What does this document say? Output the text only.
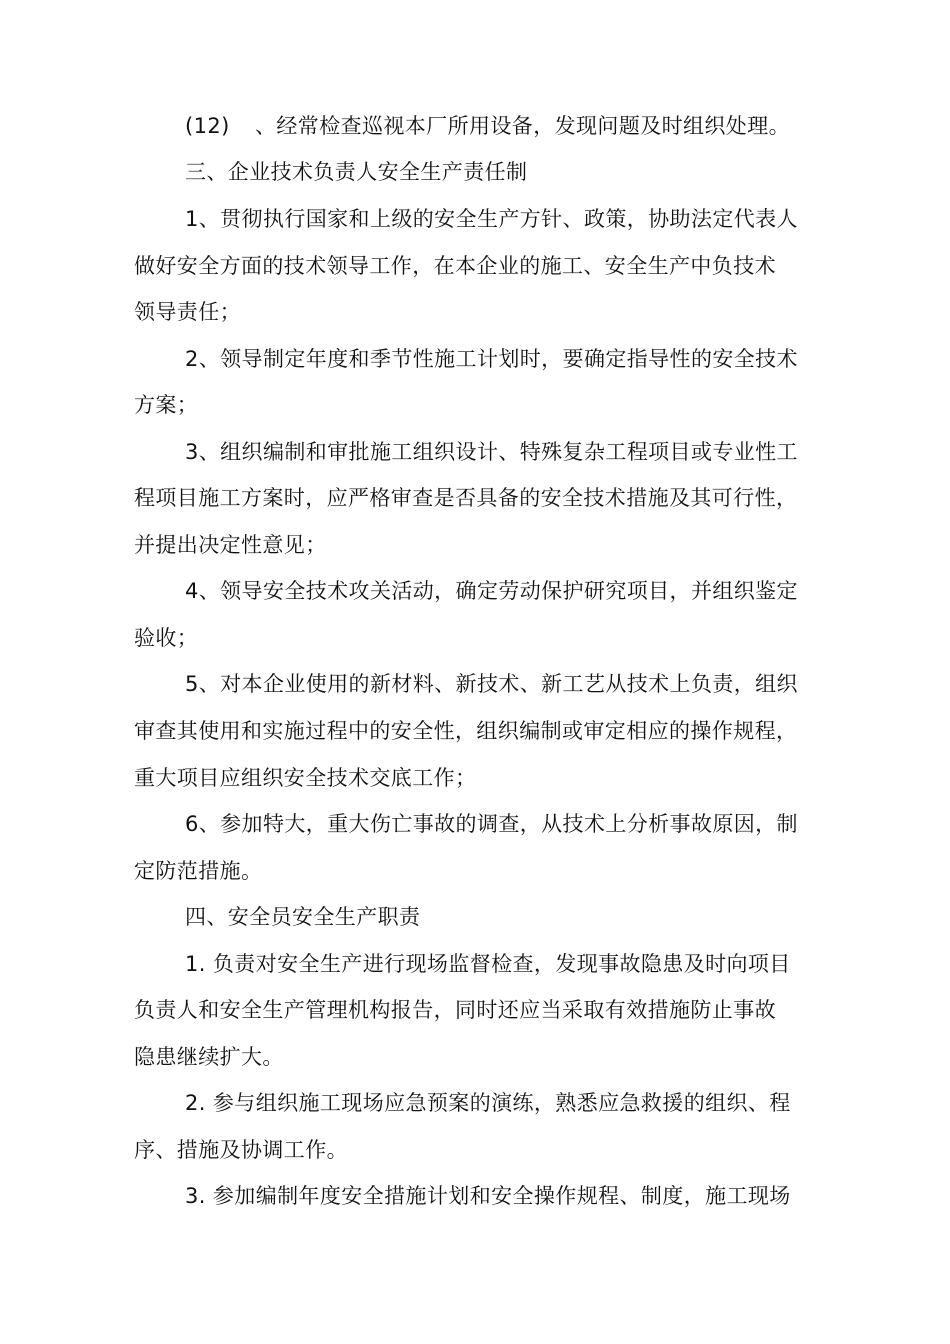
(12) 、经常检查巡视本厂所用设备，发现问题及时组织处理。
三、企业技术负责人安全生产责任制
1、贯彻执行国家和上级的安全生产方针、政策，协助法定代表人
做好安全方面的技术领导工作，在本企业的施工、安全生产中负技术
领导责任；
2、领导制定年度和季节性施工计划时，要确定指导性的安全技术
方案；
3、组织编制和审批施工组织设计、特殊复杂工程项目或专业性工
程项目施工方案时，应严格审查是否具备的安全技术措施及其可行性，
并提出决定性意见；
4、领导安全技术攻关活动，确定劳动保护研究项目，并组织鉴定
验收；
5、对本企业使用的新材料、新技术、新工艺从技术上负责，组织
审查其使用和实施过程中的安全性，组织编制或审定相应的操作规程，
重大项目应组织安全技术交底工作；
6、参加特大，重大伤亡事故的调查，从技术上分析事故原因，制
定防范措施。
四、安全员安全生产职责
1. 负责对安全生产进行现场监督检查，发现事故隐患及时向项目
负责人和安全生产管理机构报告，同时还应当采取有效措施防止事故
隐患继续扩大。
2. 参与组织施工现场应急预案的演练，熟悉应急救援的组织、程
序、措施及协调工作。
3. 参加编制年度安全措施计划和安全操作规程、制度，施工现场
